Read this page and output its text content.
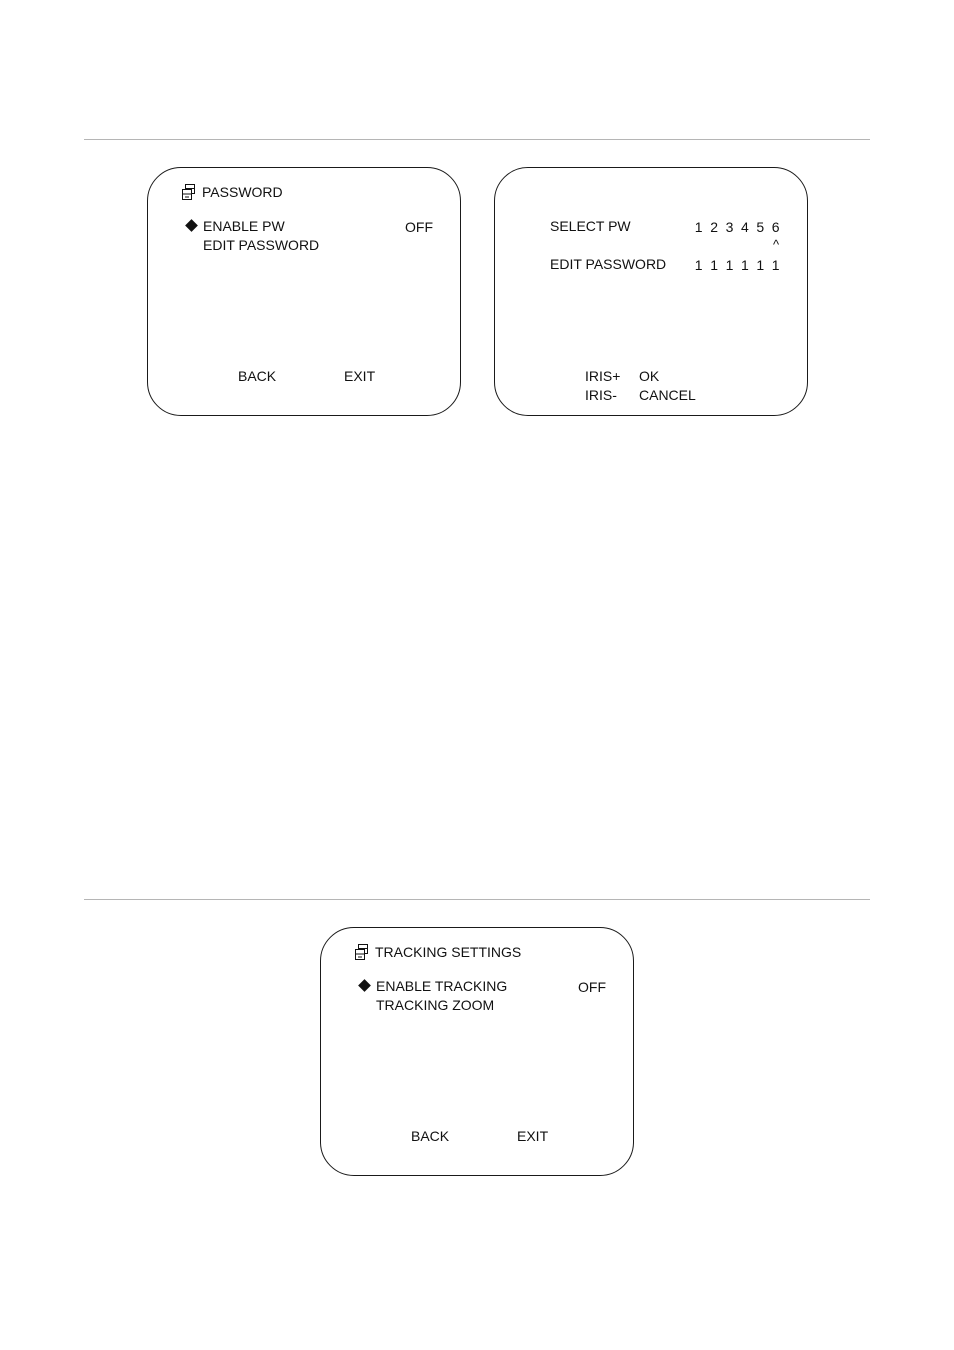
PASSWORD
ENABLE PW	OFF
EDIT PASSWORD
BACK	EXIT
SELECT PW	1 2 3 4 5 6
^
EDIT PASSWORD 1 1 1 1 1 1
IRIS+ OK
IRIS- CANCEL
TRACKING SETTINGS
ENABLE TRACKING	OFF
TRACKING ZOOM
BACK	EXIT
